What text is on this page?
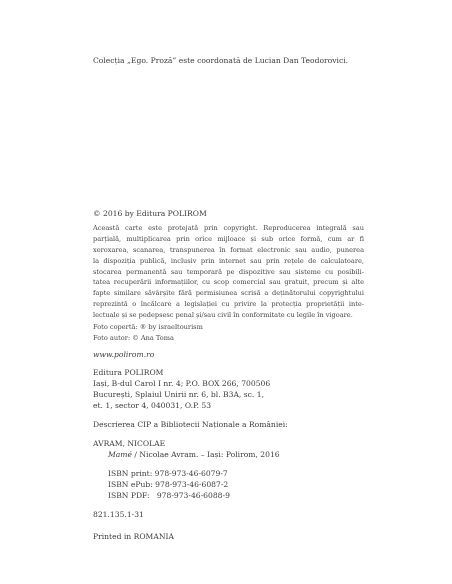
Colecția „Ego. Proză” este coordonată de Lucian Dan Teodorovici.
© 2016 by Editura POLIROM
Această carte este protejată prin copyright. Reproducerea integrală sau
parțială, multiplicarea prin orice mijloace și sub orice formă, cum ar fi
xeroxarea, scanarea, transpunerea în format electronic sau audio, punerea
la dispoziția publică, inclusiv prin internet sau prin rețele de calculatoare,
stocarea permanentă sau temporară pe dispozitive sau sisteme cu posibili-
tatea recuperării informațiilor, cu scop comercial sau gratuit, precum și alte
fapte similare săvârșite fără permisiunea scrisă a deținătorului copyrightului
reprezintă o încălcare a legislației cu privire la protecția proprietății inte-
lectuale și se pedepsesc penal și/sau civil în conformitate cu legile în vigoare.
Foto copertă: ® by israeltourism
Foto autor: © Ana Toma
www.polirom.ro
Editura POLIROM
Iași, B-dul Carol I nr. 4; P.O. BOX 266, 700506
București, Splaiul Unirii nr. 6, bl. B3A, sc. 1,
et. 1, sector 4, 040031, O.P. 53
Descrierea CIP a Bibliotecii Naționale a României:
AVRAM, NICOLAE
Mamé / Nicolae Avram. – Iași: Polirom, 2016
ISBN print: 978-973-46-6079-7
ISBN ePub: 978-973-46-6087-2
ISBN PDF:   978-973-46-6088-9
821.135.1-31
Printed in ROMANIA
